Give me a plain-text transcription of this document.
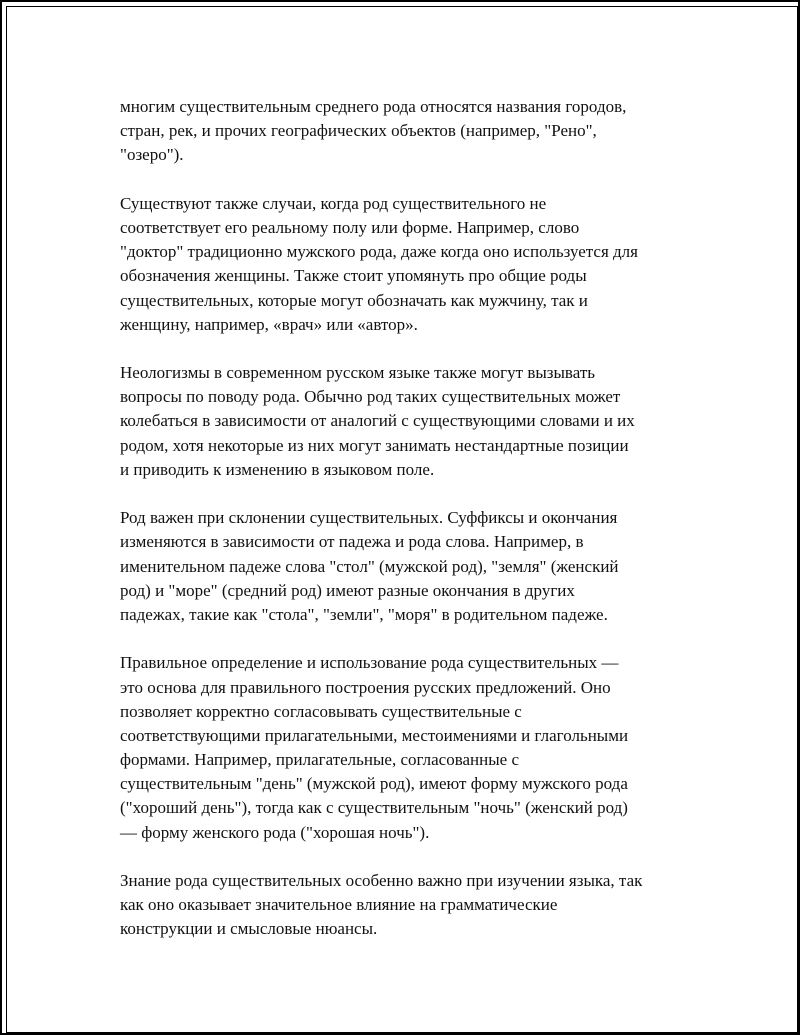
многим существительным среднего рода относятся названия городов,
стран, рек, и прочих географических объектов (например, "Рено",
"озеро").
Существуют также случаи, когда род существительного не
соответствует его реальному полу или форме. Например, слово
"доктор" традиционно мужского рода, даже когда оно используется для
обозначения женщины. Также стоит упомянуть про общие роды
существительных, которые могут обозначать как мужчину, так и
женщину, например, «врач» или «автор».
Неологизмы в современном русском языке также могут вызывать
вопросы по поводу рода. Обычно род таких существительных может
колебаться в зависимости от аналогий с существующими словами и их
родом, хотя некоторые из них могут занимать нестандартные позиции
и приводить к изменению в языковом поле.
Род важен при склонении существительных. Суффиксы и окончания
изменяются в зависимости от падежа и рода слова. Например, в
именительном падеже слова "стол" (мужской род), "земля" (женский
род) и "море" (средний род) имеют разные окончания в других
падежах, такие как "стола", "земли", "моря" в родительном падеже.
Правильное определение и использование рода существительных —
это основа для правильного построения русских предложений. Оно
позволяет корректно согласовывать существительные с
соответствующими прилагательными, местоимениями и глагольными
формами. Например, прилагательные, согласованные с
существительным "день" (мужской род), имеют форму мужского рода
("хороший день"), тогда как с существительным "ночь" (женский род)
— форму женского рода ("хорошая ночь").
Знание рода существительных особенно важно при изучении языка, так
как оно оказывает значительное влияние на грамматические
конструкции и смысловые нюансы.
